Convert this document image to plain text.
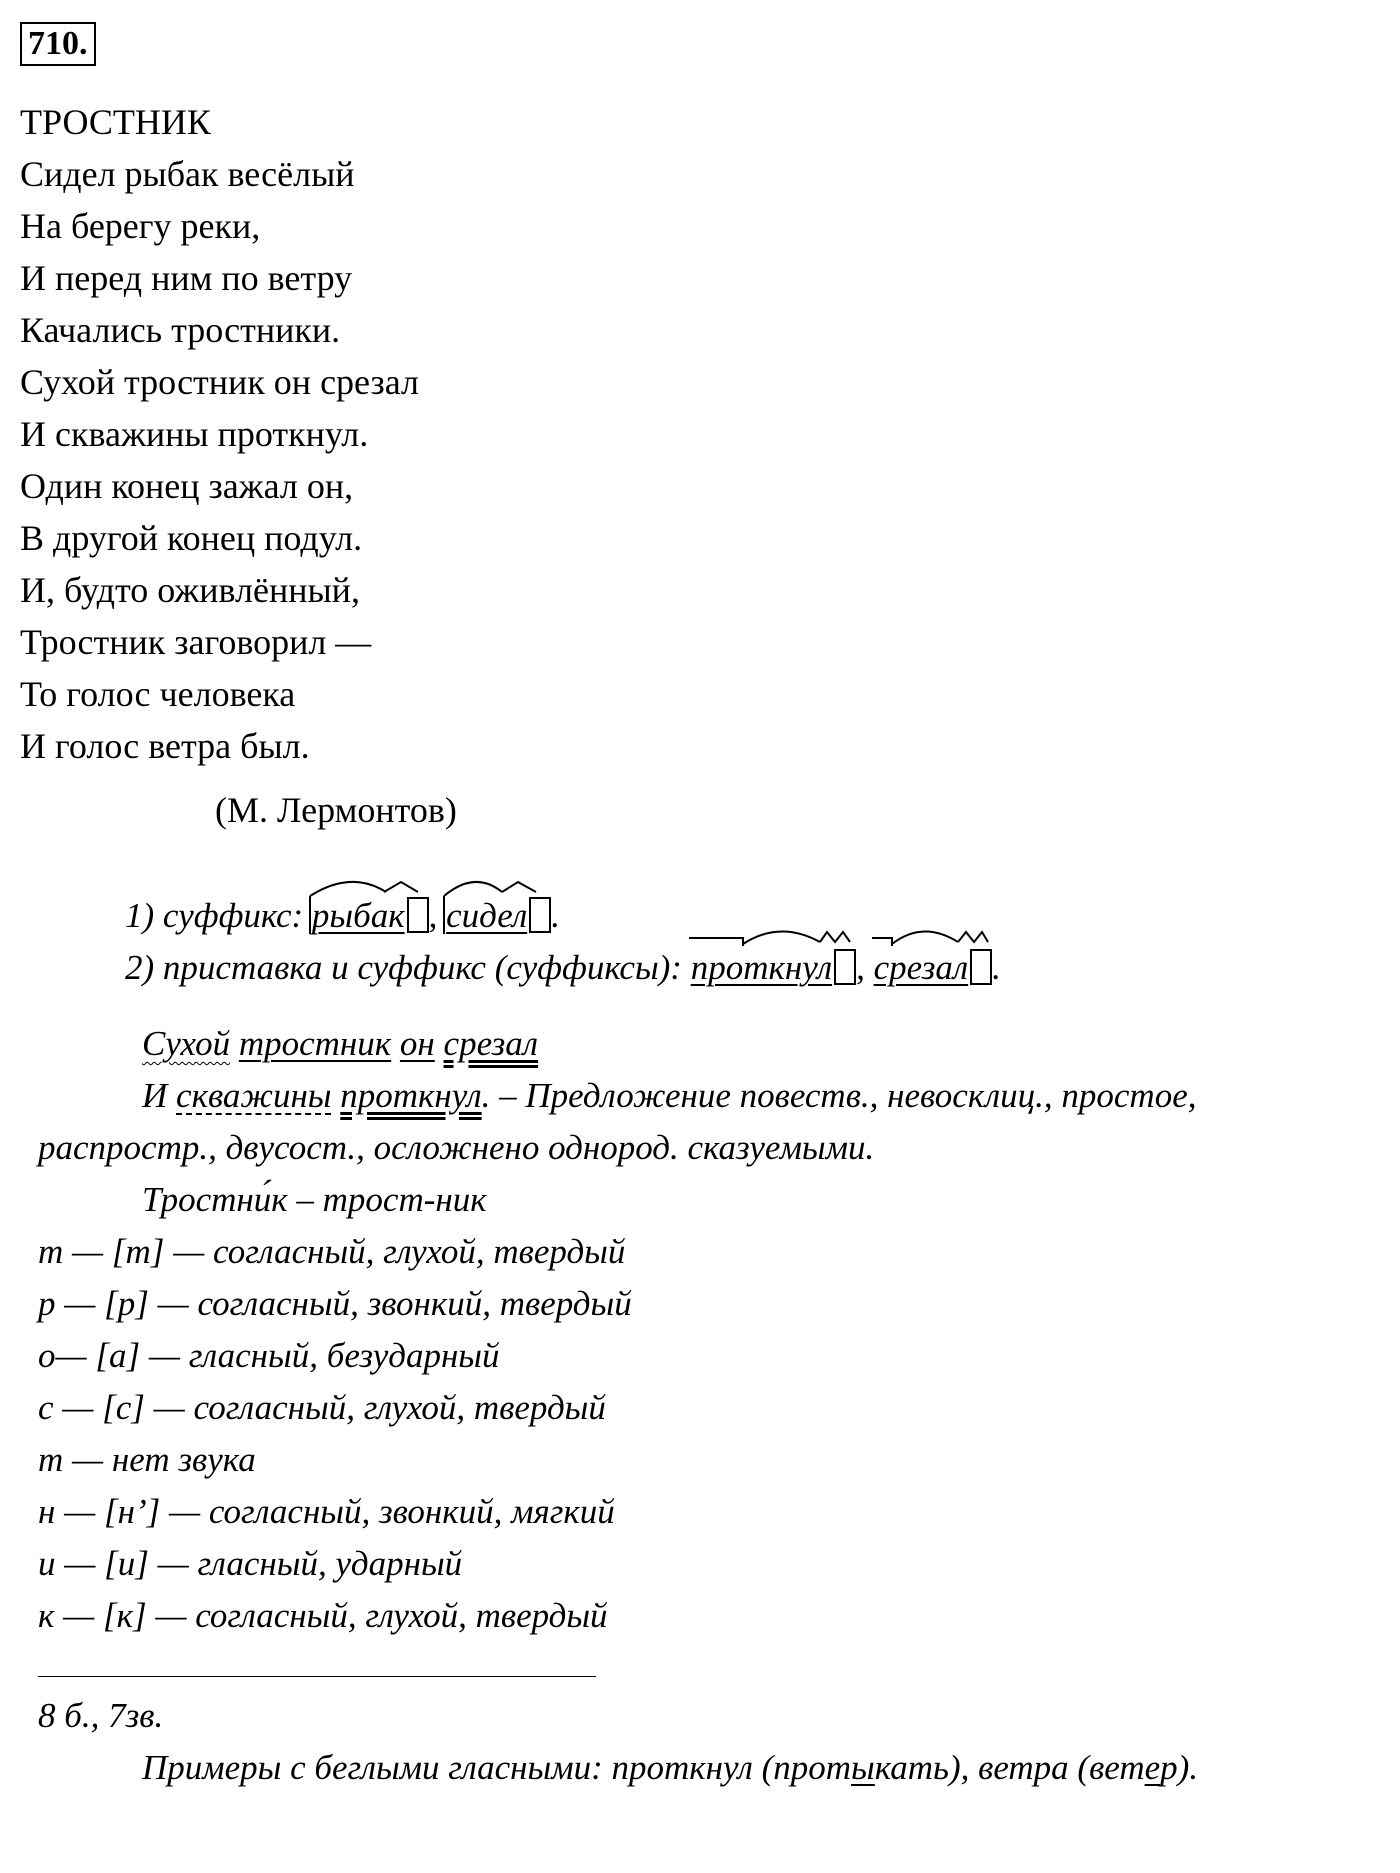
710.
ТРОСТНИК
Сидел рыбак весёлый
На берегу реки,
И перед ним по ветру
Качались тростники.
Сухой тростник он срезал
И скважины проткнул.
Один конец зажал он,
В другой конец подул.
И, будто оживлённый,
Тростник заговорил —
То голос человека
И голос ветра был.
(М. Лермонтов)
1) суффикс: рыбак , сидел .
2) приставка и суффикс (суффиксы): проткнул , срезал .
Сухой тростник он срезал
И скважины проткнул. – Предложение повеств., невосклиц., простое,
распростр., двусост., осложнено однород. сказуемыми.
Тростни́к – трост-ник
т — [т] — согласный, глухой, твердый
р — [р] — согласный, звонкий, твердый
о— [а] — гласный, безударный
с — [с] — согласный, глухой, твердый
т — нет звука
н — [н’] — согласный, звонкий, мягкий
и — [и] — гласный, ударный
к — [к] — согласный, глухой, твердый
8 б., 7зв.
Примеры с беглыми гласными: проткнул (протыкать), ветра (ветер).
